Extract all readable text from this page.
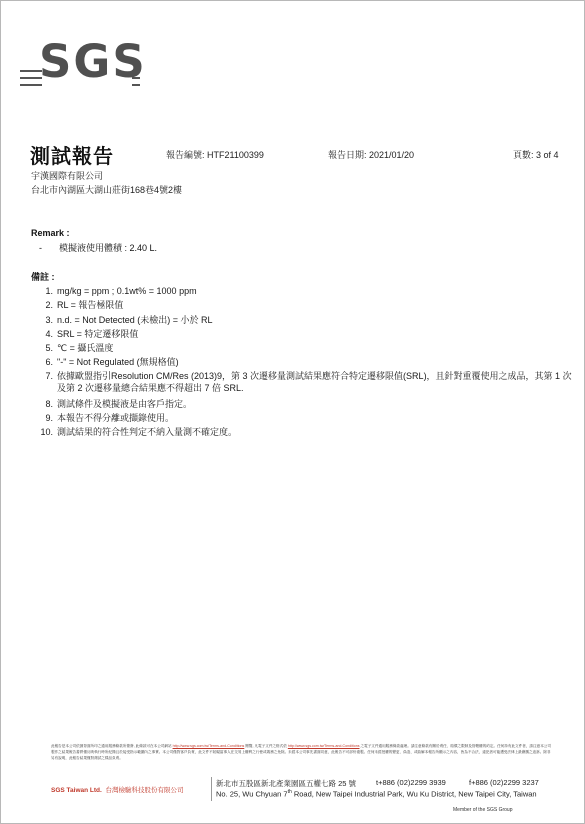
SGS
測試報告	報告編號: HTF21100399	報告日期: 2021/01/20	頁數: 3 of 4
宇漢國際有限公司
台北市內湖區大湖山莊街168巷4號2樓
Remark :
- 模擬液使用體積 : 2.40 L.
備註 :
1. mg/kg = ppm ; 0.1wt% = 1000 ppm
2. RL = 報告極限值
3. n.d. = Not Detected (未檢出) = 小於 RL
4. SRL = 特定遷移限值
5. ℃ = 攝氏溫度
6. "-" = Not Regulated (無規格值)
7. 依據歐盟指引Resolution CM/Res (2013)9，第 3 次遷移量測試結果應符合特定遷移限值(SRL)，且針對重覆使用之成品，其第 1 次及第 2 次遷移量總合結果應不得超出 7 倍 SRL.
8. 測試條件及模擬液是由客戶指定。
9. 本報告不得分離或擷錄使用。
10. 測試結果的符合性判定不納入量測不確定度。
此報告是本公司依據背面所印之通用服務條款所簽發, 此條款可在本公司網站 http://www.sgs.com.tw/Terms-and-Conditions 閱覽, 凡電子文件之格式依 http://www.sgs.com.tw/Terms-and-Conditions 之電子文件通用服務條款處理。請注意條款有關於責任、賠償之限制及管轄權的約定。任何持有此文件者，請注意本公司製作之結果報告書將僅反映執行時所紀錄且於接受指示範圍內之事實。本公司僅對客戶負責，此文件不妨礙當事人在交易上權利之行使或義務之免除。未經本公司事先書面同意，此報告不可部份複製。任何未經授權的變更、偽造、或曲解本報告所顯示之內容，皆為不合法，違犯者可能遭受法律上最嚴厲之追訴。除非另有說明，此報告結果僅對測試之樣品負責。
SGS Taiwan Ltd. 台灣檢驗科技股份有限公司
新北市五股區新北產業園區五權七路 25 號	t+886 (02)2299 3939	f+886 (02)2299 3237
No. 25, Wu Chyuan 7th Road, New Taipei Industrial Park, Wu Ku District, New Taipei City, Taiwan
Member of the SGS Group
